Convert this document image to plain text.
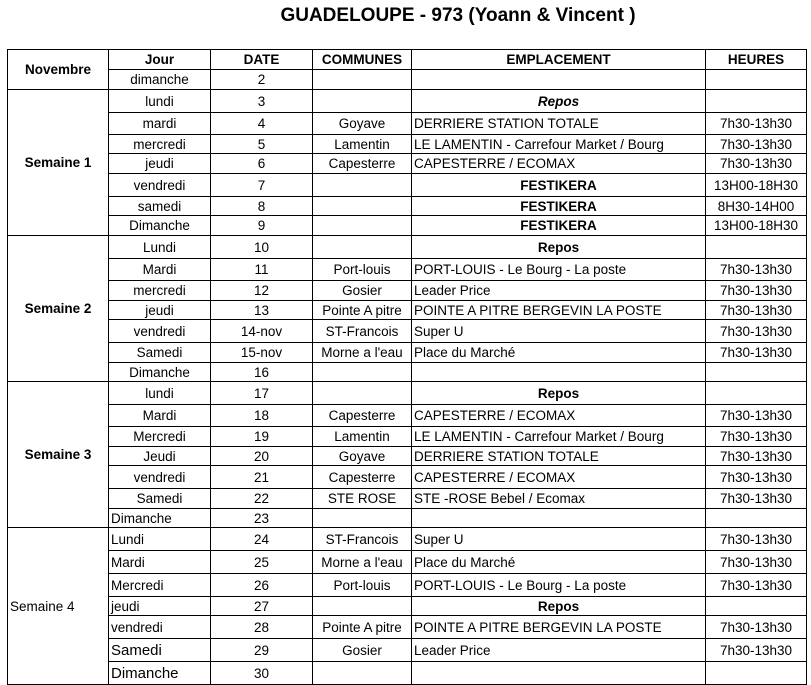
GUADELOUPE - 973 (Yoann & Vincent )
Novembre	Jour	DATE	COMMUNES	EMPLACEMENT	HEURES
	dimanche	2			
Semaine 1	lundi	3		Repos	
	mardi	4	Goyave	DERRIERE STATION TOTALE	7h30-13h30
	mercredi	5	Lamentin	LE LAMENTIN - Carrefour Market / Bourg	7h30-13h30
	jeudi	6	Capesterre	CAPESTERRE / ECOMAX	7h30-13h30
	vendredi	7		FESTIKERA	13H00-18H30
	samedi	8		FESTIKERA	8H30-14H00
	Dimanche	9		FESTIKERA	13H00-18H30
Semaine 2	Lundi	10		Repos	
	Mardi	11	Port-louis	PORT-LOUIS - Le Bourg - La poste	7h30-13h30
	mercredi	12	Gosier	Leader Price	7h30-13h30
	jeudi	13	Pointe A pitre	POINTE A PITRE BERGEVIN LA POSTE	7h30-13h30
	vendredi	14-nov	ST-Francois	Super U	7h30-13h30
	Samedi	15-nov	Morne a l'eau	Place du Marché	7h30-13h30
	Dimanche	16			
Semaine 3	lundi	17		Repos	
	Mardi	18	Capesterre	CAPESTERRE / ECOMAX	7h30-13h30
	Mercredi	19	Lamentin	LE LAMENTIN - Carrefour Market / Bourg	7h30-13h30
	Jeudi	20	Goyave	DERRIERE STATION TOTALE	7h30-13h30
	vendredi	21	Capesterre	CAPESTERRE / ECOMAX	7h30-13h30
	Samedi	22	STE ROSE	STE -ROSE Bebel / Ecomax	7h30-13h30
	Dimanche	23			
Semaine 4	Lundi	24	ST-Francois	Super U	7h30-13h30
	Mardi	25	Morne a l'eau	Place du Marché	7h30-13h30
	Mercredi	26	Port-louis	PORT-LOUIS - Le Bourg - La poste	7h30-13h30
	jeudi	27		Repos	
	vendredi	28	Pointe A pitre	POINTE A PITRE BERGEVIN LA POSTE	7h30-13h30
	Samedi	29	Gosier	Leader Price	7h30-13h30
	Dimanche	30			
